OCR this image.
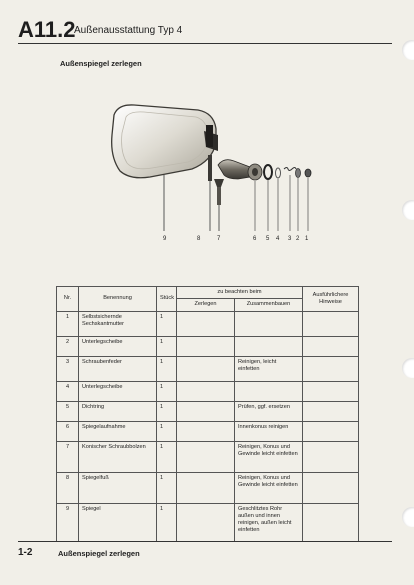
A11.2
Außenausstattung Typ 4
Außenspiegel zerlegen
9	8	7	6 5 4 3 2 1
Nr.	Benennung	Stück	zu beachten beim		Ausführlichere Hinweise
			Zerlegen	Zusammenbauen	
1	Selbstsichernde Sechskantmutter	1			
2	Unterlegscheibe	1			
3	Schraubenfeder	1		Reinigen, leicht einfetten	
4	Unterlegscheibe	1			
5	Dichtring	1		Prüfen, ggf. ersetzen	
6	Spiegelaufnahme	1		Innenkonus reinigen	
7	Konischer Schraubbolzen	1		Reinigen, Konus und Gewinde leicht einfetten	
8	Spiegelfuß	1		Reinigen, Konus und Gewinde leicht einfetten	
9	Spiegel	1		Geschlitztes Rohr außen und innen reinigen, außen leicht einfetten	
1-2	Außenspiegel zerlegen
